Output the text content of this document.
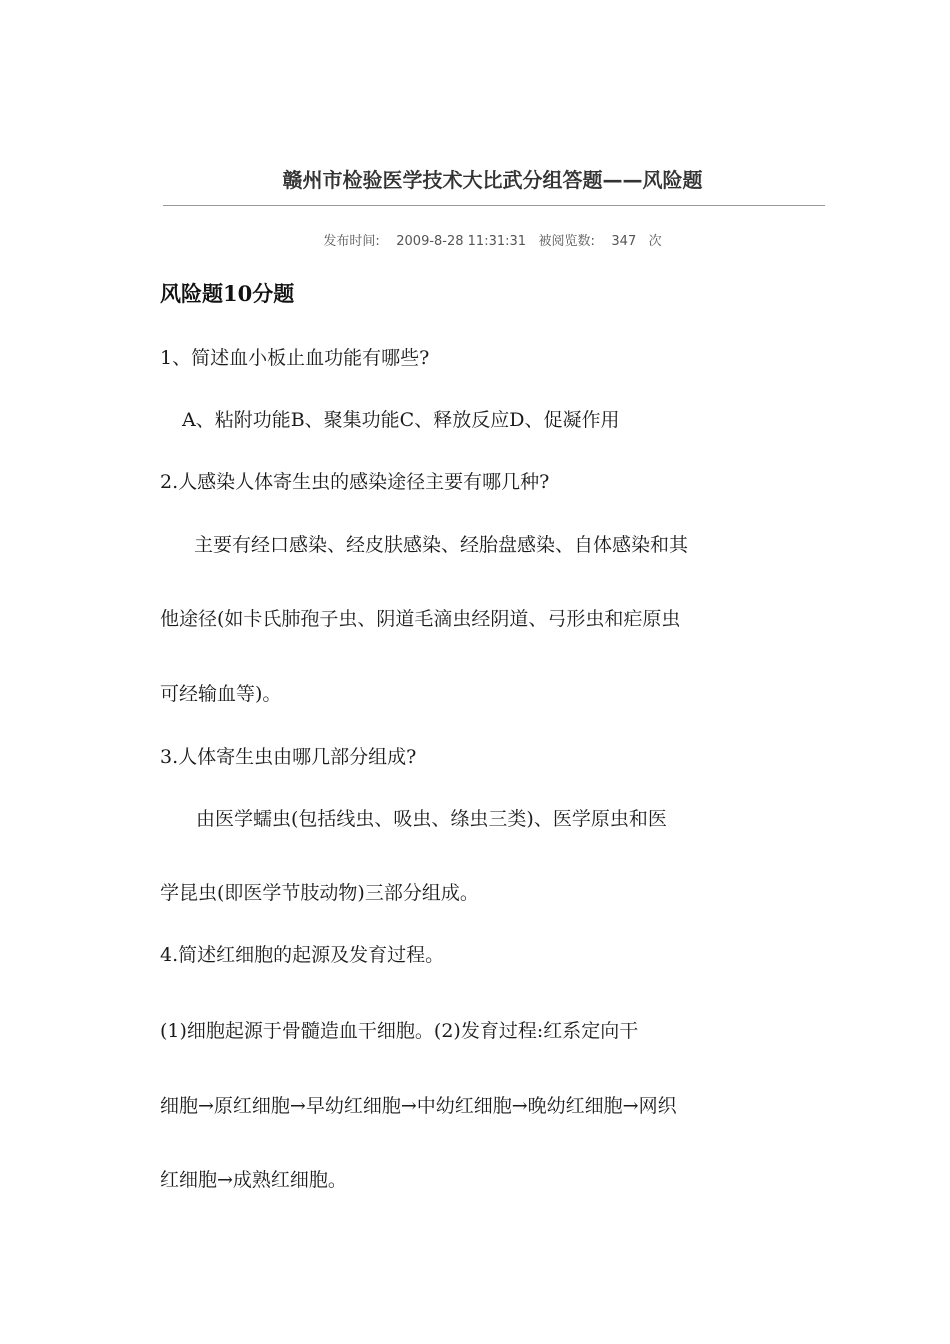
赣州市检验医学技术大比武分组答题——风险题
发布时间: 2009-8-28 11:31:31 被阅览数: 347 次
风险题10分题
1、简述血小板止血功能有哪些?
A、粘附功能B、聚集功能C、释放反应D、促凝作用
2.人感染人体寄生虫的感染途径主要有哪几种?
主要有经口感染、经皮肤感染、经胎盘感染、自体感染和其
他途径(如卡氏肺孢子虫、阴道毛滴虫经阴道、弓形虫和疟原虫
可经输血等)。
3.人体寄生虫由哪几部分组成?
由医学蠕虫(包括线虫、吸虫、绦虫三类)、医学原虫和医
学昆虫(即医学节肢动物)三部分组成。
4.简述红细胞的起源及发育过程。
(1)细胞起源于骨髓造血干细胞。(2)发育过程:红系定向干
细胞→原红细胞→早幼红细胞→中幼红细胞→晚幼红细胞→网织
红细胞→成熟红细胞。
